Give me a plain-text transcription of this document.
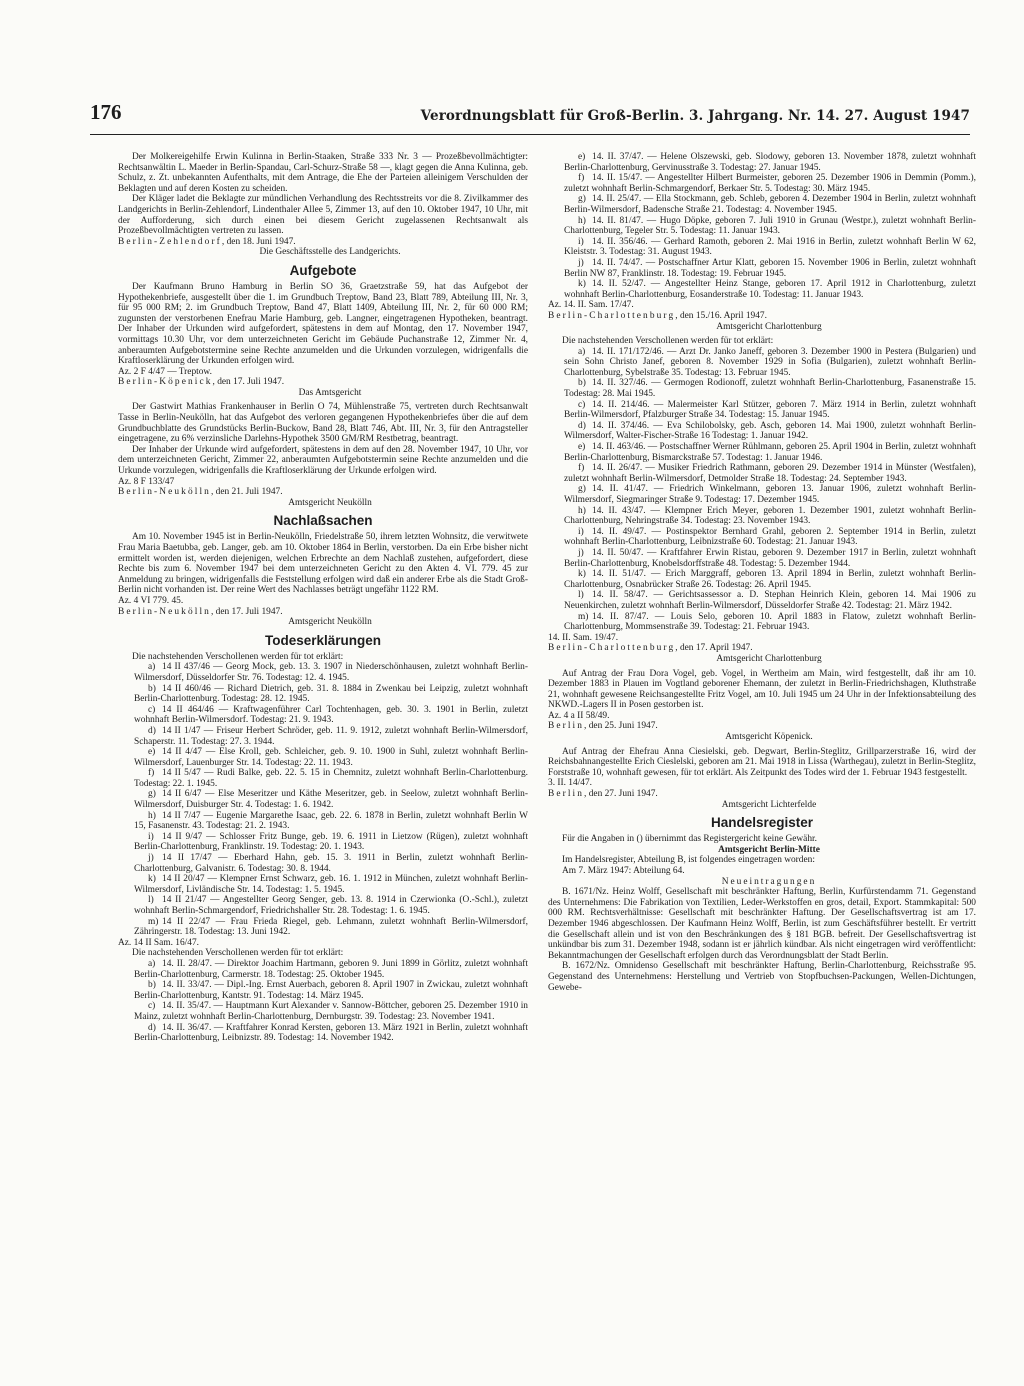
176	Verordnungsblatt für Groß-Berlin. 3. Jahrgang. Nr. 14. 27. August 1947

Der Molkereigehilfe Erwin Kulinna in Berlin-Staaken, Straße 333 Nr. 3 — Prozeßbevollmächtigter: Rechtsanwältin L. Maeder in Berlin-Spandau, Carl-Schurz-Straße 58 —, klagt gegen die Anna Kulinna, geb. Schulz, z. Zt. unbekannten Aufenthalts, mit dem Antrage, die Ehe der Parteien alleinigem Verschulden der Beklagten und auf deren Kosten zu scheiden.

Der Kläger ladet die Beklagte zur mündlichen Verhandlung des Rechtsstreits vor die 8. Zivilkammer des Landgerichts in Berlin-Zehlendorf, Lindenthaler Allee 5, Zimmer 13, auf den 10. Oktober 1947, 10 Uhr, mit der Aufforderung, sich durch einen bei diesem Gericht zugelassenen Rechtsanwalt als Prozeßbevollmächtigten vertreten zu lassen.

Berlin-Zehlendorf, den 18. Juni 1947.

Die Geschäftsstelle des Landgerichts.

Aufgebote

Der Kaufmann Bruno Hamburg in Berlin SO 36, Graetzstraße 59, hat das Aufgebot der Hypothekenbriefe, ausgestellt über die 1. im Grundbuch Treptow, Band 23, Blatt 789, Abteilung III, Nr. 3, für 95 000 RM; 2. im Grundbuch Treptow, Band 47, Blatt 1409, Abteilung III, Nr. 2, für 60 000 RM; zugunsten der verstorbenen Enefrau Marie Hamburg, geb. Langner, eingetragenen Hypotheken, beantragt. Der Inhaber der Urkunden wird aufgefordert, spätestens in dem auf Montag, den 17. November 1947, vormittags 10.30 Uhr, vor dem unterzeichneten Gericht im Gebäude Puchanstraße 12, Zimmer Nr. 4, anberaumten Aufgebotstermine seine Rechte anzumelden und die Urkunden vorzulegen, widrigenfalls die Kraftloserklärung der Urkunden erfolgen wird.

Az. 2 F 4/47 — Treptow.

Berlin-Köpenick, den 17. Juli 1947.

Das Amtsgericht

Der Gastwirt Mathias Frankenhauser in Berlin O 74, Mühlenstraße 75, vertreten durch Rechtsanwalt Tasse in Berlin-Neukölln, hat das Aufgebot des verloren gegangenen Hypothekenbriefes über die auf dem Grundbuchblatte des Grundstücks Berlin-Buckow, Band 28, Blatt 746, Abt. III, Nr. 3, für den Antragsteller eingetragene, zu 6% verzinsliche Darlehns-Hypothek 3500 GM/RM Restbetrag, beantragt.

Der Inhaber der Urkunde wird aufgefordert, spätestens in dem auf den 28. November 1947, 10 Uhr, vor dem unterzeichneten Gericht, Zimmer 22, anberaumten Aufgebotstermin seine Rechte anzumelden und die Urkunde vorzulegen, widrigenfalls die Kraftloserklärung der Urkunde erfolgen wird.

Az. 8 F 133/47

Berlin-Neukölln, den 21. Juli 1947.

Amtsgericht Neukölln

Nachlaßsachen

Am 10. November 1945 ist in Berlin-Neukölln, Friedelstraße 50, ihrem letzten Wohnsitz, die verwitwete Frau Maria Baetubba, geb. Langer, geb. am 10. Oktober 1864 in Berlin, verstorben. Da ein Erbe bisher nicht ermittelt worden ist, werden diejenigen, welchen Erbrechte an dem Nachlaß zustehen, aufgefordert, diese Rechte bis zum 6. November 1947 bei dem unterzeichneten Gericht zu den Akten 4. VI. 779. 45 zur Anmeldung zu bringen, widrigenfalls die Feststellung erfolgen wird daß ein anderer Erbe als die Stadt Groß-Berlin nicht vorhanden ist. Der reine Wert des Nachlasses beträgt ungefähr 1122 RM.

Az. 4 VI 779. 45.

Berlin-Neukölln, den 17. Juli 1947.

Amtsgericht Neukölln

Todeserklärungen

Die nachstehenden Verschollenen werden für tot erklärt:

a) 14 II 437/46 — Georg Mock, geb. 13. 3. 1907 in Niederschönhausen, zuletzt wohnhaft Berlin-Wilmersdorf, Düsseldorfer Str. 76. Todestag: 12. 4. 1945.

b) 14 II 460/46 — Richard Dietrich, geb. 31. 8. 1884 in Zwenkau bei Leipzig, zuletzt wohnhaft Berlin-Charlottenburg. Todestag: 28. 12. 1945.

c) 14 II 464/46 — Kraftwagenführer Carl Tochtenhagen, geb. 30. 3. 1901 in Berlin, zuletzt wohnhaft Berlin-Wilmersdorf. Todestag: 21. 9. 1943.

d) 14 II 1/47 — Friseur Herbert Schröder, geb. 11. 9. 1912, zuletzt wohnhaft Berlin-Wilmersdorf, Schaperstr. 11. Todestag: 27. 3. 1944.

e) 14 II 4/47 — Else Kroll, geb. Schleicher, geb. 9. 10. 1900 in Suhl, zuletzt wohnhaft Berlin-Wilmersdorf, Lauenburger Str. 14. Todestag: 22. 11. 1943.

f) 14 II 5/47 — Rudi Balke, geb. 22. 5. 15 in Chemnitz, zuletzt wohnhaft Berlin-Charlottenburg. Todestag: 22. 1. 1945.

g) 14 II 6/47 — Else Meseritzer und Käthe Meseritzer, geb. in Seelow, zuletzt wohnhaft Berlin-Wilmersdorf, Duisburger Str. 4. Todestag: 1. 6. 1942.

h) 14 II 7/47 — Eugenie Margarethe Isaac, geb. 22. 6. 1878 in Berlin, zuletzt wohnhaft Berlin W 15, Fasanenstr. 43. Todestag: 21. 2. 1943.

i) 14 II 9/47 — Schlosser Fritz Bunge, geb. 19. 6. 1911 in Lietzow (Rügen), zuletzt wohnhaft Berlin-Charlottenburg, Franklinstr. 19. Todestag: 20. 1. 1943.

j) 14 II 17/47 — Eberhard Hahn, geb. 15. 3. 1911 in Berlin, zuletzt wohnhaft Berlin-Charlottenburg, Galvanistr. 6. Todestag: 30. 8. 1944.

k) 14 II 20/47 — Klempner Ernst Schwarz, geb. 16. 1. 1912 in München, zuletzt wohnhaft Berlin-Wilmersdorf, Livländische Str. 14. Todestag: 1. 5. 1945.

l) 14 II 21/47 — Angestellter Georg Senger, geb. 13. 8. 1914 in Czerwionka (O.-Schl.), zuletzt wohnhaft Berlin-Schmargendorf, Friedrichshaller Str. 28. Todestag: 1. 6. 1945.

m) 14 II 22/47 — Frau Frieda Riegel, geb. Lehmann, zuletzt wohnhaft Berlin-Wilmersdorf, Zähringerstr. 18. Todestag: 13. Juni 1942.

Az. 14 II Sam. 16/47.

Die nachstehenden Verschollenen werden für tot erklärt:

a) 14. II. 28/47. — Direktor Joachim Hartmann, geboren 9. Juni 1899 in Görlitz, zuletzt wohnhaft Berlin-Charlottenburg, Carmerstr. 18. Todestag: 25. Oktober 1945.

b) 14. II. 33/47. — Dipl.-Ing. Ernst Auerbach, geboren 8. April 1907 in Zwickau, zuletzt wohnhaft Berlin-Charlottenburg, Kantstr. 91. Todestag: 14. März 1945.

c) 14. II. 35/47. — Hauptmann Kurt Alexander v. Sannow-Böttcher, geboren 25. Dezember 1910 in Mainz, zuletzt wohnhaft Berlin-Charlottenburg, Dernburgstr. 39. Todestag: 23. November 1941.

d) 14. II. 36/47. — Kraftfahrer Konrad Kersten, geboren 13. März 1921 in Berlin, zuletzt wohnhaft Berlin-Charlottenburg, Leibnizstr. 89. Todestag: 14. November 1942.

e) 14. II. 37/47. — Helene Olszewski, geb. Slodowy, geboren 13. November 1878, zuletzt wohnhaft Berlin-Charlottenburg, Gervinusstraße 3. Todestag: 27. Januar 1945.

f) 14. II. 15/47. — Angestellter Hilbert Burmeister, geboren 25. Dezember 1906 in Demmin (Pomm.), zuletzt wohnhaft Berlin-Schmargendorf, Berkaer Str. 5. Todestag: 30. März 1945.

g) 14. II. 25/47. — Ella Stockmann, geb. Schleb, geboren 4. Dezember 1904 in Berlin, zuletzt wohnhaft Berlin-Wilmersdorf, Badensche Straße 21. Todestag: 4. November 1945.

h) 14. II. 81/47. — Hugo Döpke, geboren 7. Juli 1910 in Grunau (Westpr.), zuletzt wohnhaft Berlin-Charlottenburg, Tegeler Str. 5. Todestag: 11. Januar 1943.

i) 14. II. 356/46. — Gerhard Ramoth, geboren 2. Mai 1916 in Berlin, zuletzt wohnhaft Berlin W 62, Kleiststr. 3. Todestag: 31. August 1943.

j) 14. II. 74/47. — Postschaffner Artur Klatt, geboren 15. November 1906 in Berlin, zuletzt wohnhaft Berlin NW 87, Franklinstr. 18. Todestag: 19. Februar 1945.

k) 14. II. 52/47. — Angestellter Heinz Stange, geboren 17. April 1912 in Charlottenburg, zuletzt wohnhaft Berlin-Charlottenburg, Eosanderstraße 10. Todestag: 11. Januar 1943.

Az. 14. II. Sam. 17/47.

Berlin-Charlottenburg, den 15./16. April 1947.

Amtsgericht Charlottenburg

Die nachstehenden Verschollenen werden für tot erklärt:

a) 14. II. 171/172/46. — Arzt Dr. Janko Janeff, geboren 3. Dezember 1900 in Pestera (Bulgarien) und sein Sohn Christo Janef, geboren 8. November 1929 in Sofia (Bulgarien), zuletzt wohnhaft Berlin-Charlottenburg, Sybelstraße 35. Todestag: 13. Februar 1945.

b) 14. II. 327/46. — Germogen Rodionoff, zuletzt wohnhaft Berlin-Charlottenburg, Fasanenstraße 15. Todestag: 28. Mai 1945.

c) 14. II. 214/46. — Malermeister Karl Stützer, geboren 7. März 1914 in Berlin, zuletzt wohnhaft Berlin-Wilmersdorf, Pfalzburger Straße 34. Todestag: 15. Januar 1945.

d) 14. II. 374/46. — Eva Schilobolsky, geb. Asch, geboren 14. Mai 1900, zuletzt wohnhaft Berlin-Wilmersdorf, Walter-Fischer-Straße 16 Todestag: 1. Januar 1942.

e) 14. II. 463/46. — Postschaffner Werner Rühlmann, geboren 25. April 1904 in Berlin, zuletzt wohnhaft Berlin-Charlottenburg, Bismarckstraße 57. Todestag: 1. Januar 1946.

f) 14. II. 26/47. — Musiker Friedrich Rathmann, geboren 29. Dezember 1914 in Münster (Westfalen), zuletzt wohnhaft Berlin-Wilmersdorf, Detmolder Straße 18. Todestag: 24. September 1943.

g) 14. II. 41/47. — Friedrich Winkelmann, geboren 13. Januar 1906, zuletzt wohnhaft Berlin-Wilmersdorf, Siegmaringer Straße 9. Todestag: 17. Dezember 1945.

h) 14. II. 43/47. — Klempner Erich Meyer, geboren 1. Dezember 1901, zuletzt wohnhaft Berlin-Charlottenburg, Nehringstraße 34. Todestag: 23. November 1943.

i) 14. II. 49/47. — Postinspektor Bernhard Grahl, geboren 2. September 1914 in Berlin, zuletzt wohnhaft Berlin-Charlottenburg, Leibnizstraße 60. Todestag: 21. Januar 1943.

j) 14. II. 50/47. — Kraftfahrer Erwin Ristau, geboren 9. Dezember 1917 in Berlin, zuletzt wohnhaft Berlin-Charlottenburg, Knobelsdorffstraße 48. Todestag: 5. Dezember 1944.

k) 14. II. 51/47. — Erich Marggraff, geboren 13. April 1894 in Berlin, zuletzt wohnhaft Berlin-Charlottenburg, Osnabrücker Straße 26. Todestag: 26. April 1945.

l) 14. II. 58/47. — Gerichtsassessor a. D. Stephan Heinrich Klein, geboren 14. Mai 1906 zu Neuenkirchen, zuletzt wohnhaft Berlin-Wilmersdorf, Düsseldorfer Straße 42. Todestag: 21. März 1942.

m) 14. II. 87/47. — Louis Selo, geboren 10. April 1883 in Flatow, zuletzt wohnhaft Berlin-Charlottenburg, Mommsenstraße 39. Todestag: 21. Februar 1943.

14. II. Sam. 19/47.

Berlin-Charlottenburg, den 17. April 1947.

Amtsgericht Charlottenburg

Auf Antrag der Frau Dora Vogel, geb. Vogel, in Wertheim am Main, wird festgestellt, daß ihr am 10. Dezember 1883 in Plauen im Vogtland geborener Ehemann, der zuletzt in Berlin-Friedrichshagen, Kluthstraße 21, wohnhaft gewesene Reichsangestellte Fritz Vogel, am 10. Juli 1945 um 24 Uhr in der Infektionsabteilung des NKWD.-Lagers II in Posen gestorben ist.

Az. 4 a II 58/49.

Berlin, den 25. Juni 1947.

Amtsgericht Köpenick.

Auf Antrag der Ehefrau Anna Ciesielski, geb. Degwart, Berlin-Steglitz, Grillparzerstraße 16, wird der Reichsbahnangestellte Erich Cieslelski, geboren am 21. Mai 1918 in Lissa (Warthegau), zuletzt in Berlin-Steglitz, Forststraße 10, wohnhaft gewesen, für tot erklärt. Als Zeitpunkt des Todes wird der 1. Februar 1943 festgestellt.

3. II. 14/47.

Berlin, den 27. Juni 1947.

Amtsgericht Lichterfelde

Handelsregister

Für die Angaben in () übernimmt das Registergericht keine Gewähr.

Amtsgericht Berlin-Mitte

Im Handelsregister, Abteilung B, ist folgendes eingetragen worden:

Am 7. März 1947: Abteilung 64.

Neueintragungen

B. 1671/Nz. Heinz Wolff, Gesellschaft mit beschränkter Haftung, Berlin, Kurfürstendamm 71. Gegenstand des Unternehmens: Die Fabrikation von Textilien, Leder-Werkstoffen en gros, detail, Export. Stammkapital: 500 000 RM. Rechtsverhältnisse: Gesellschaft mit beschränkter Haftung. Der Gesellschaftsvertrag ist am 17. Dezember 1946 abgeschlossen. Der Kaufmann Heinz Wolff, Berlin, ist zum Geschäftsführer bestellt. Er vertritt die Gesellschaft allein und ist von den Beschränkungen des § 181 BGB. befreit. Der Gesellschaftsvertrag ist unkündbar bis zum 31. Dezember 1948, sodann ist er jährlich kündbar. Als nicht eingetragen wird veröffentlicht: Bekanntmachungen der Gesellschaft erfolgen durch das Verordnungsblatt der Stadt Berlin.

B. 1672/Nz. Omnidenso Gesellschaft mit beschränkter Haftung, Berlin-Charlottenburg, Reichsstraße 95. Gegenstand des Unternehmens: Herstellung und Vertrieb von Stopfbuchsen-Packungen, Wellen-Dichtungen, Gewebe-
